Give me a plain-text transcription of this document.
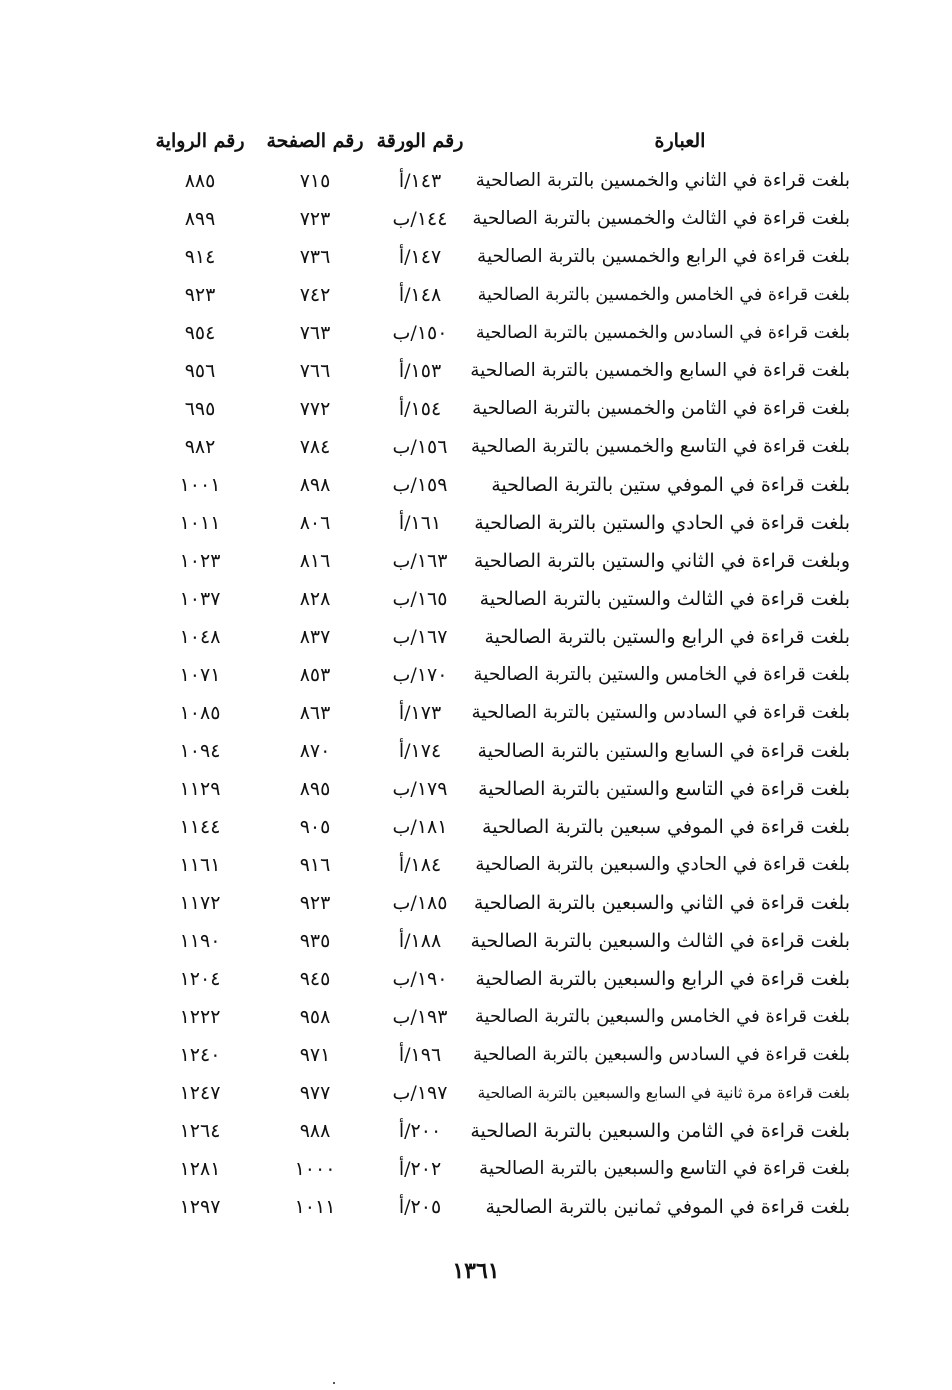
العبارة
رقم الورقة
رقم الصفحة
رقم الرواية
بلغت قراءة في الثاني والخمسين بالتربة الصالحية
١٤٣/أ
٧١٥
٨٨٥
بلغت قراءة في الثالث والخمسين بالتربة الصالحية
١٤٤/ب
٧٢٣
٨٩٩
بلغت قراءة في الرابع والخمسين بالتربة الصالحية
١٤٧/أ
٧٣٦
٩١٤
بلغت قراءة في الخامس والخمسين بالتربة الصالحية
١٤٨/أ
٧٤٢
٩٢٣
بلغت قراءة في السادس والخمسين بالتربة الصالحية
١٥٠/ب
٧٦٣
٩٥٤
بلغت قراءة في السابع والخمسين بالتربة الصالحية
١٥٣/أ
٧٦٦
٩٥٦
بلغت قراءة في الثامن والخمسين بالتربة الصالحية
١٥٤/أ
٧٧٢
٦٩٥
بلغت قراءة في التاسع والخمسين بالتربة الصالحية
١٥٦/ب
٧٨٤
٩٨٢
بلغت قراءة في الموفي ستين بالتربة الصالحية
١٥٩/ب
٨٩٨
١٠٠١
بلغت قراءة في الحادي والستين بالتربة الصالحية
١٦١/أ
٨٠٦
١٠١١
وبلغت قراءة في الثاني والستين بالتربة الصالحية
١٦٣/ب
٨١٦
١٠٢٣
بلغت قراءة في الثالث والستين بالتربة الصالحية
١٦٥/ب
٨٢٨
١٠٣٧
بلغت قراءة في الرابع والستين بالتربة الصالحية
١٦٧/ب
٨٣٧
١٠٤٨
بلغت قراءة في الخامس والستين بالتربة الصالحية
١٧٠/ب
٨٥٣
١٠٧١
بلغت قراءة في السادس والستين بالتربة الصالحية
١٧٣/أ
٨٦٣
١٠٨٥
بلغت قراءة في السابع والستين بالتربة الصالحية
١٧٤/أ
٨٧٠
١٠٩٤
بلغت قراءة في التاسع والستين بالتربة الصالحية
١٧٩/ب
٨٩٥
١١٢٩
بلغت قراءة في الموفي سبعين بالتربة الصالحية
١٨١/ب
٩٠٥
١١٤٤
بلغت قراءة في الحادي والسبعين بالتربة الصالحية
١٨٤/أ
٩١٦
١١٦١
بلغت قراءة في الثاني والسبعين بالتربة الصالحية
١٨٥/ب
٩٢٣
١١٧٢
بلغت قراءة في الثالث والسبعين بالتربة الصالحية
١٨٨/أ
٩٣٥
١١٩٠
بلغت قراءة في الرابع والسبعين بالتربة الصالحية
١٩٠/ب
٩٤٥
١٢٠٤
بلغت قراءة في الخامس والسبعين بالتربة الصالحية
١٩٣/ب
٩٥٨
١٢٢٢
بلغت قراءة في السادس والسبعين بالتربة الصالحية
١٩٦/أ
٩٧١
١٢٤٠
بلغت قراءة مرة ثانية في السابع والسبعين بالتربة الصالحية
١٩٧/ب
٩٧٧
١٢٤٧
بلغت قراءة في الثامن والسبعين بالتربة الصالحية
٢٠٠/أ
٩٨٨
١٢٦٤
بلغت قراءة في التاسع والسبعين بالتربة الصالحية
٢٠٢/أ
١٠٠٠
١٢٨١
بلغت قراءة في الموفي ثمانين بالتربة الصالحية
٢٠٥/أ
١٠١١
١٢٩٧
١٣٦١
